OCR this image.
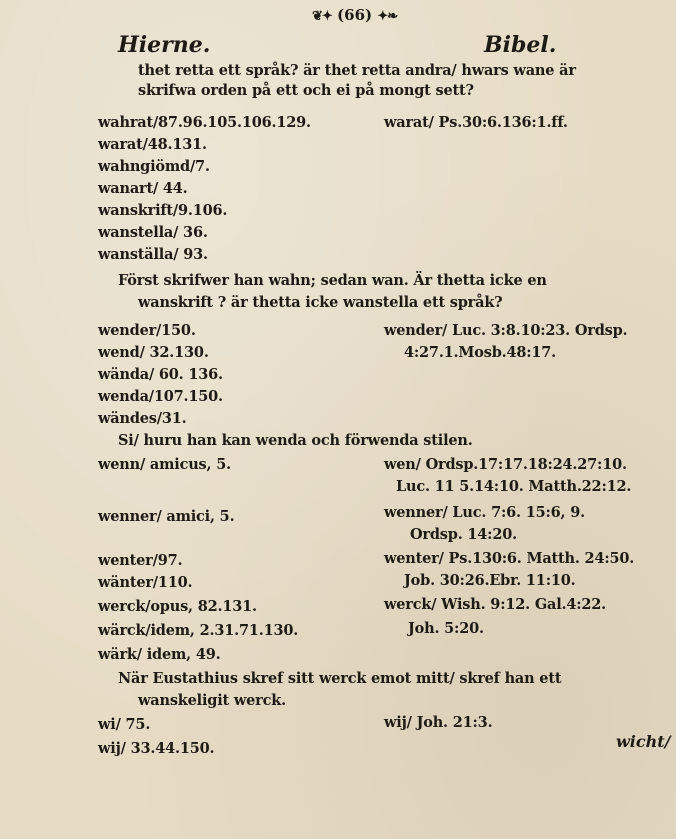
❦✦ (66) ✦❧
Hierne.	Bibel.
thet retta ett språk? är thet retta andra/ hwars wane är
skrifwa orden på ett och ei på mongt sett?
wahrat/87.96.105.106.129.	warat/ Ps.30:6.136:1.ff.
warat/48.131.
wahngiömd/7.
wanart/ 44.
wanskrift/9.106.
wanstella/ 36.
wanställa/ 93.
Först skrifwer han wahn; sedan wan. Är thetta icke en
wanskrift ? är thetta icke wanstella ett språk?
wender/150.	wender/ Luc. 3:8.10:23. Ordsp.
wend/ 32.130.	4:27.1.Mosb.48:17.
wända/ 60. 136.
wenda/107.150.
wändes/31.
Si/ huru han kan wenda och förwenda stilen.
wenn/ amicus, 5.	wen/ Ordsp.17:17.18:24.27:10.
Luc. 11 5.14:10. Matth.22:12.
wenner/ amici, 5.	wenner/ Luc. 7:6. 15:6, 9.
Ordsp. 14:20.
wenter/97.	wenter/ Ps.130:6. Matth. 24:50.
wänter/110.	Job. 30:26.Ebr. 11:10.
werck/opus, 82.131.	werck/ Wish. 9:12. Gal.4:22.
wärck/idem, 2.31.71.130.	Joh. 5:20.
wärk/ idem, 49.
När Eustathius skref sitt werck emot mitt/ skref han ett
wanskeligit werck.
wi/ 75.	wij/ Joh. 21:3.
wij/ 33.44.150.	wicht/
